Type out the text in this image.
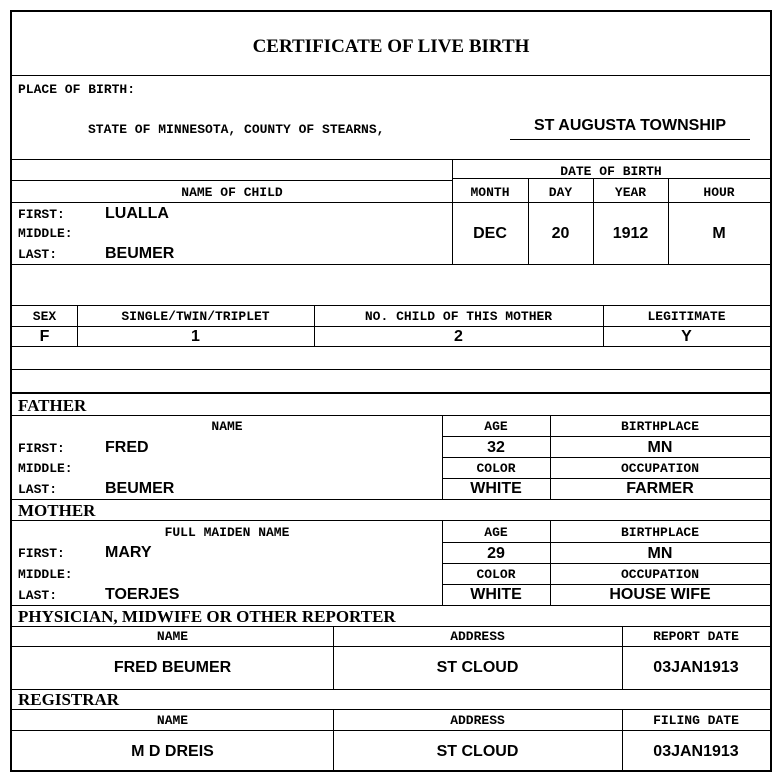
CERTIFICATE OF LIVE BIRTH
PLACE OF BIRTH:
STATE OF MINNESOTA, COUNTY OF STEARNS,	ST AUGUSTA TOWNSHIP
NAME OF CHILD
DATE OF BIRTH
MONTH	DAY	YEAR	HOUR
FIRST:	LUALLA
MIDDLE:
LAST:	BEUMER
DEC	20	1912	M
SEX	SINGLE/TWIN/TRIPLET	NO. CHILD OF THIS MOTHER	LEGITIMATE
F	1	2	Y
FATHER
NAME	AGE	BIRTHPLACE
FIRST:	FRED
MIDDLE:
LAST:	BEUMER
32	MN
COLOR	OCCUPATION
WHITE	FARMER
MOTHER
FULL MAIDEN NAME	AGE	BIRTHPLACE
FIRST:	MARY
MIDDLE:
LAST:	TOERJES
29	MN
COLOR	OCCUPATION
WHITE	HOUSE WIFE
PHYSICIAN, MIDWIFE OR OTHER REPORTER
NAME	ADDRESS	REPORT DATE
FRED BEUMER	ST CLOUD	03JAN1913
REGISTRAR
NAME	ADDRESS	FILING DATE
M D DREIS	ST CLOUD	03JAN1913
